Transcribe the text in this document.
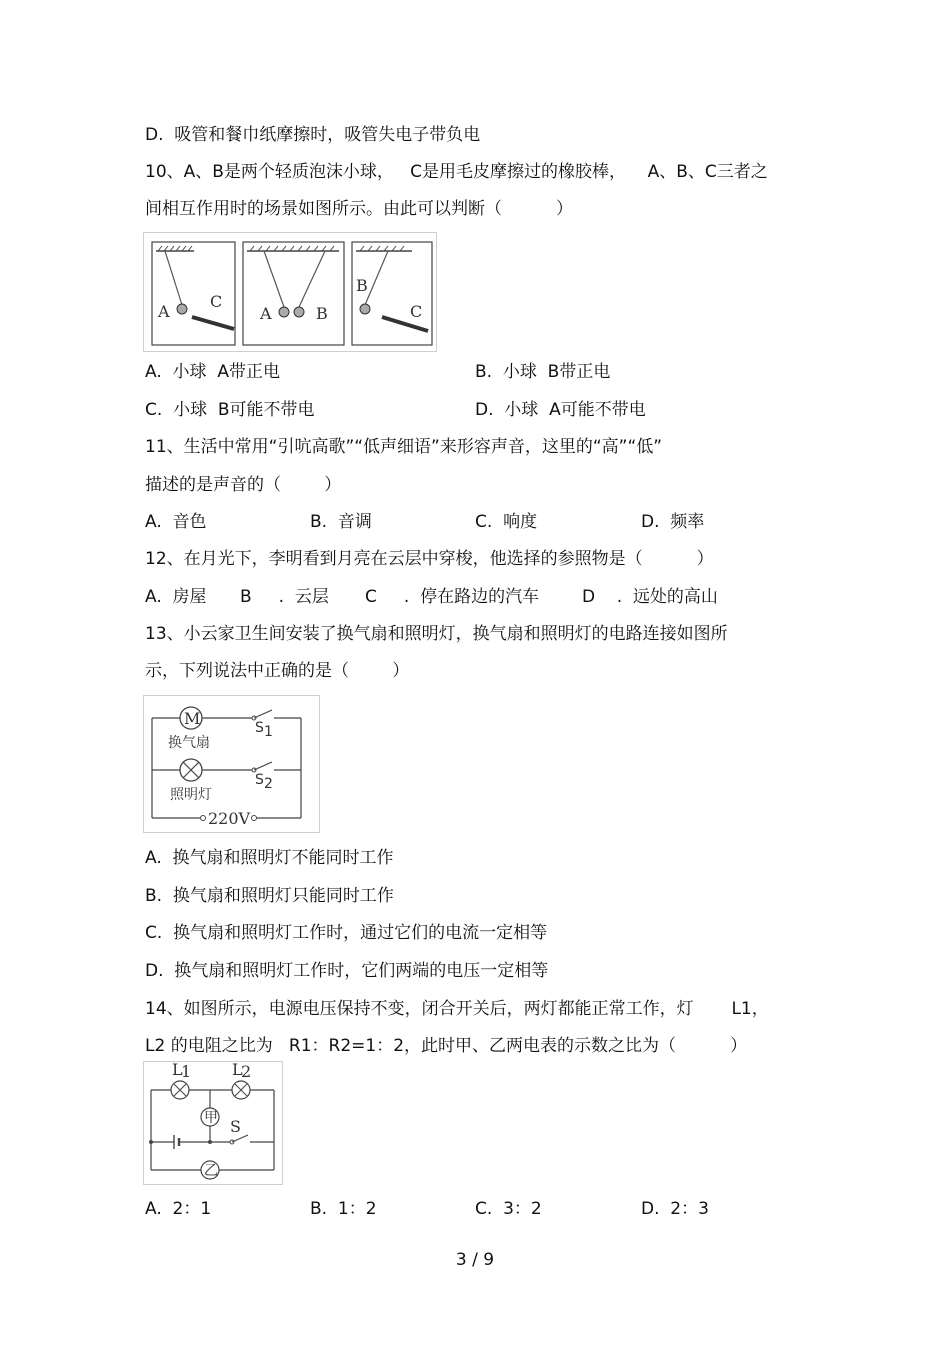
D.  吸管和餐巾纸摩擦时，吸管失电子带负电
10、A、B是两个轻质泡沫小球，   C是用毛皮摩擦过的橡胶棒，    A、B、C三者之
间相互作用时的场景如图所示。由此可以判断（          ）
A
C
A	B
B
C
A.  小球  A带正电	B.  小球  B带正电
C.  小球  B可能不带电	D.  小球  A可能不带电
11、生活中常用“引吭高歌”“低声细语”来形容声音，这里的“高”“低”
描述的是声音的（        ）
A.  音色	B.  音调	C.  响度	D.  频率
12、在月光下，李明看到月亮在云层中穿梭，他选择的参照物是（          ）
A.  房屋 B     .  云层 C     .  停在路边的汽车	D    .  远处的高山
13、小云家卫生间安装了换气扇和照明灯，换气扇和照明灯的电路连接如图所
示，下列说法中正确的是（        ）
M	S 1
换气扇
S 2
照明灯
220V
A.  换气扇和照明灯不能同时工作
B.  换气扇和照明灯只能同时工作
C.  换气扇和照明灯工作时，通过它们的电流一定相等
D.  换气扇和照明灯工作时，它们两端的电压一定相等
14、如图所示，电源电压保持不变，闭合开关后，两灯都能正常工作，灯       L1，
L2 的电阻之比为   R1：R2=1：2，此时甲、乙两电表的示数之比为（          ）
L
1	L
2
甲 S
乙
A.  2：1	B.  1：2	C.  3：2	D.  2：3
3 / 9
